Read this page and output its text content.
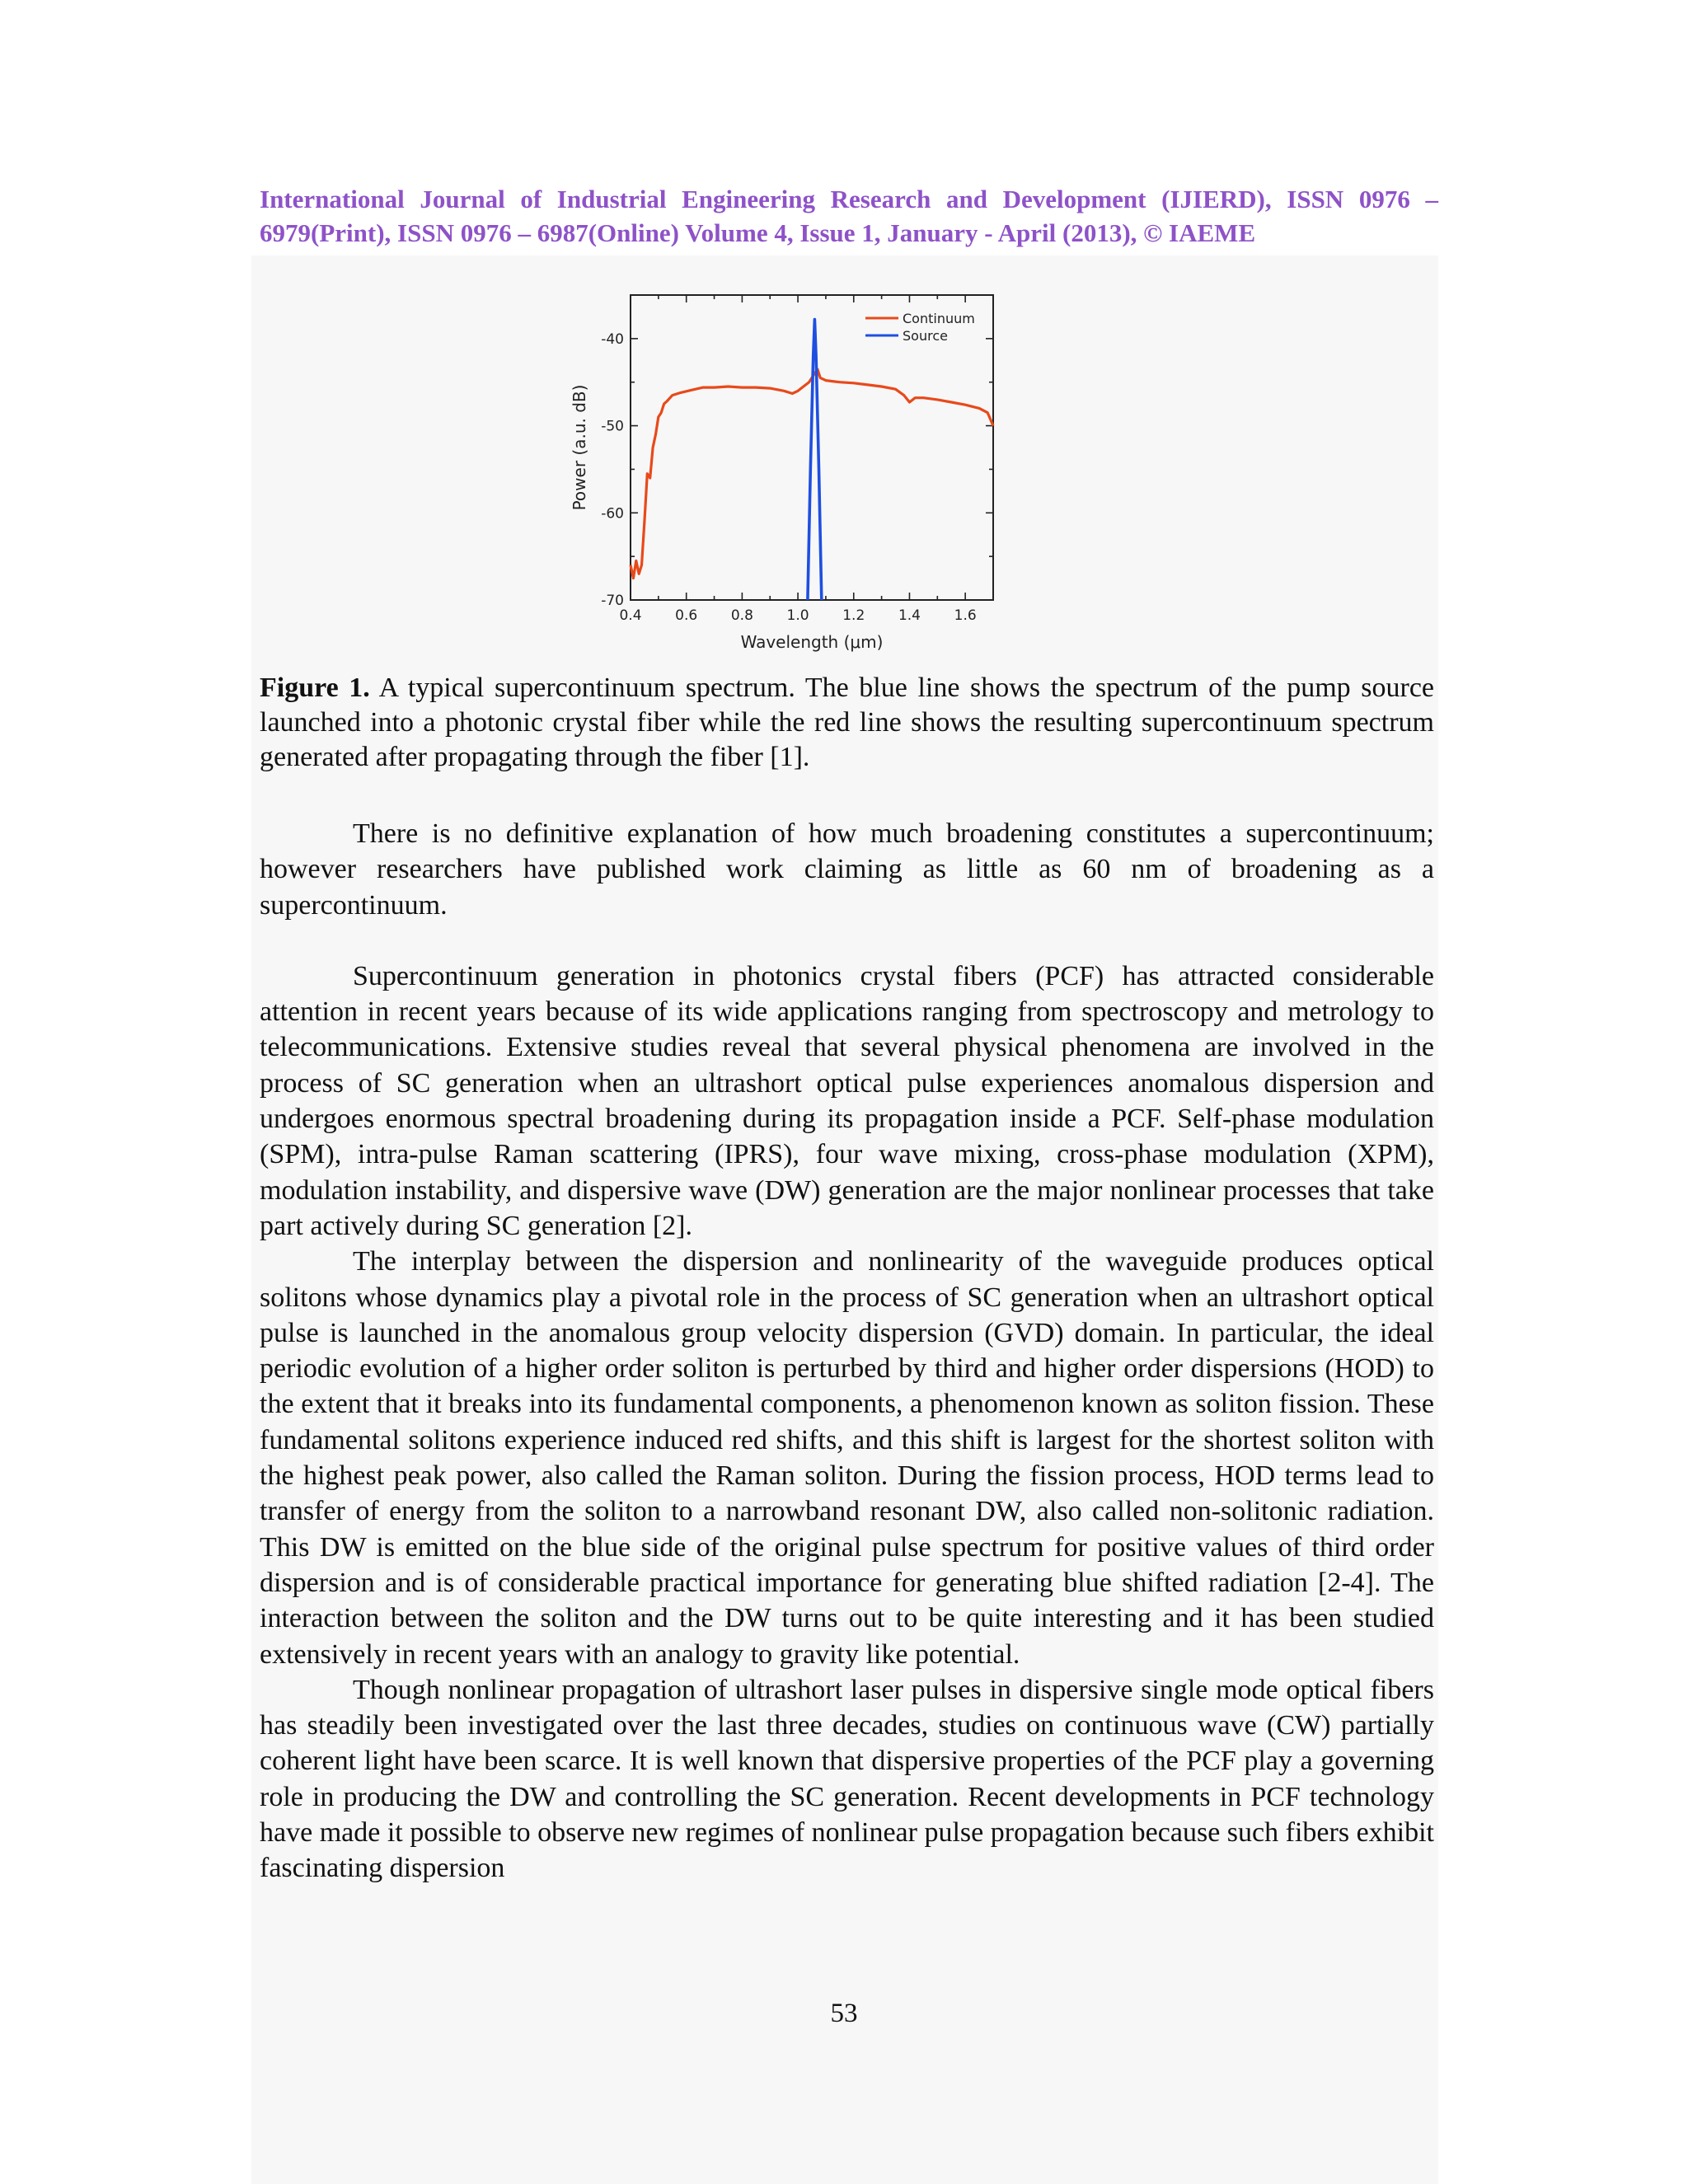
International Journal of Industrial Engineering Research and Development (IJIERD), ISSN 0976 –
6979(Print), ISSN 0976 – 6987(Online) Volume 4, Issue 1, January - April (2013), © IAEME
0.4 0.6 0.8 1.0 1.2 1.4 1.6
-40
-50
-60
-70
Wavelength (μm)
Power (a.u. dB)
Continuum
Source
Figure 1. A typical supercontinuum spectrum. The blue line shows the spectrum of the pump source launched into a photonic crystal fiber while the red line shows the resulting supercontinuum spectrum generated after propagating through the fiber [1].

There is no definitive explanation of how much broadening constitutes a supercontinuum; however researchers have published work claiming as little as 60 nm of broadening as a supercontinuum.

Supercontinuum generation in photonics crystal fibers (PCF) has attracted considerable attention in recent years because of its wide applications ranging from spectroscopy and metrology to telecommunications. Extensive studies reveal that several physical phenomena are involved in the process of SC generation when an ultrashort optical pulse experiences anomalous dispersion and undergoes enormous spectral broadening during its propagation inside a PCF. Self-phase modulation (SPM), intra-pulse Raman scattering (IPRS), four wave mixing, cross-phase modulation (XPM), modulation instability, and dispersive wave (DW) generation are the major nonlinear processes that take part actively during SC generation [2].

The interplay between the dispersion and nonlinearity of the waveguide produces optical solitons whose dynamics play a pivotal role in the process of SC generation when an ultrashort optical pulse is launched in the anomalous group velocity dispersion (GVD) domain. In particular, the ideal periodic evolution of a higher order soliton is perturbed by third and higher order dispersions (HOD) to the extent that it breaks into its fundamental components, a phenomenon known as soliton fission. These fundamental solitons experience induced red shifts, and this shift is largest for the shortest soliton with the highest peak power, also called the Raman soliton. During the fission process, HOD terms lead to transfer of energy from the soliton to a narrowband resonant DW, also called non-solitonic radiation. This DW is emitted on the blue side of the original pulse spectrum for positive values of third order dispersion and is of considerable practical importance for generating blue shifted radiation [2-4]. The interaction between the soliton and the DW turns out to be quite interesting and it has been studied extensively in recent years with an analogy to gravity like potential.

Though nonlinear propagation of ultrashort laser pulses in dispersive single mode optical fibers has steadily been investigated over the last three decades, studies on continuous wave (CW) partially coherent light have been scarce. It is well known that dispersive properties of the PCF play a governing role in producing the DW and controlling the SC generation. Recent developments in PCF technology have made it possible to observe new regimes of nonlinear pulse propagation because such fibers exhibit fascinating dispersion

53
